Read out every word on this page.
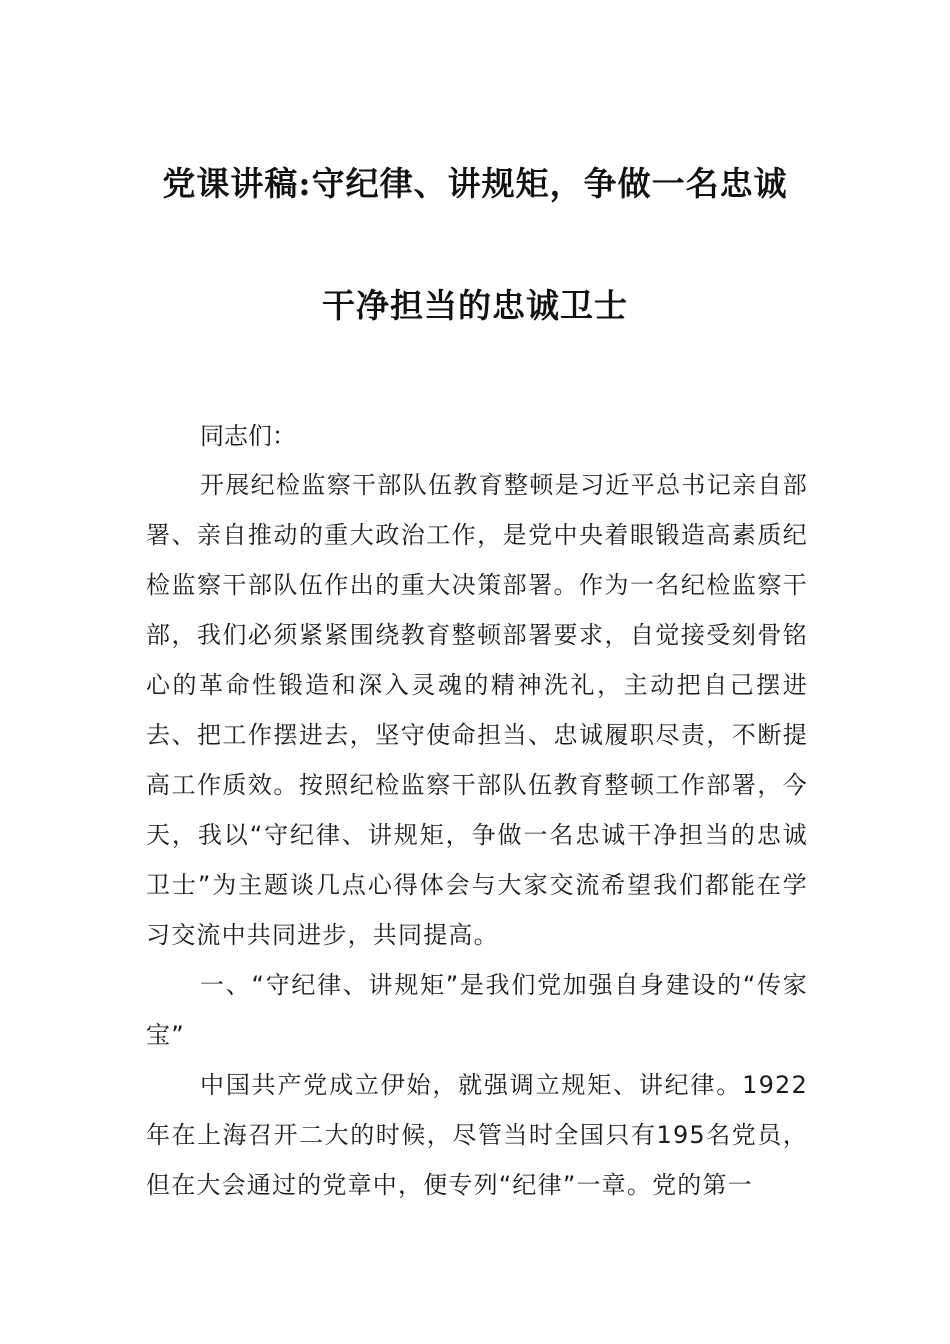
党课讲稿:守纪律、讲规矩，争做一名忠诚
干净担当的忠诚卫士
同志们：

开展纪检监察干部队伍教育整顿是习近平总书记亲自部署、亲自推动的重大政治工作，是党中央着眼锻造高素质纪检监察干部队伍作出的重大决策部署。作为一名纪检监察干部，我们必须紧紧围绕教育整顿部署要求，自觉接受刻骨铭心的革命性锻造和深入灵魂的精神洗礼，主动把自己摆进去、把工作摆进去，坚守使命担当、忠诚履职尽责，不断提高工作质效。按照纪检监察干部队伍教育整顿工作部署，今天，我以“守纪律、讲规矩，争做一名忠诚干净担当的忠诚卫士”为主题谈几点心得体会与大家交流希望我们都能在学习交流中共同进步，共同提高。

一、“守纪律、讲规矩”是我们党加强自身建设的“传家宝”

中国共产党成立伊始，就强调立规矩、讲纪律。1922年在上海召开二大的时候，尽管当时全国只有195名党员，但在大会通过的党章中，便专列“纪律”一章。党的第一
